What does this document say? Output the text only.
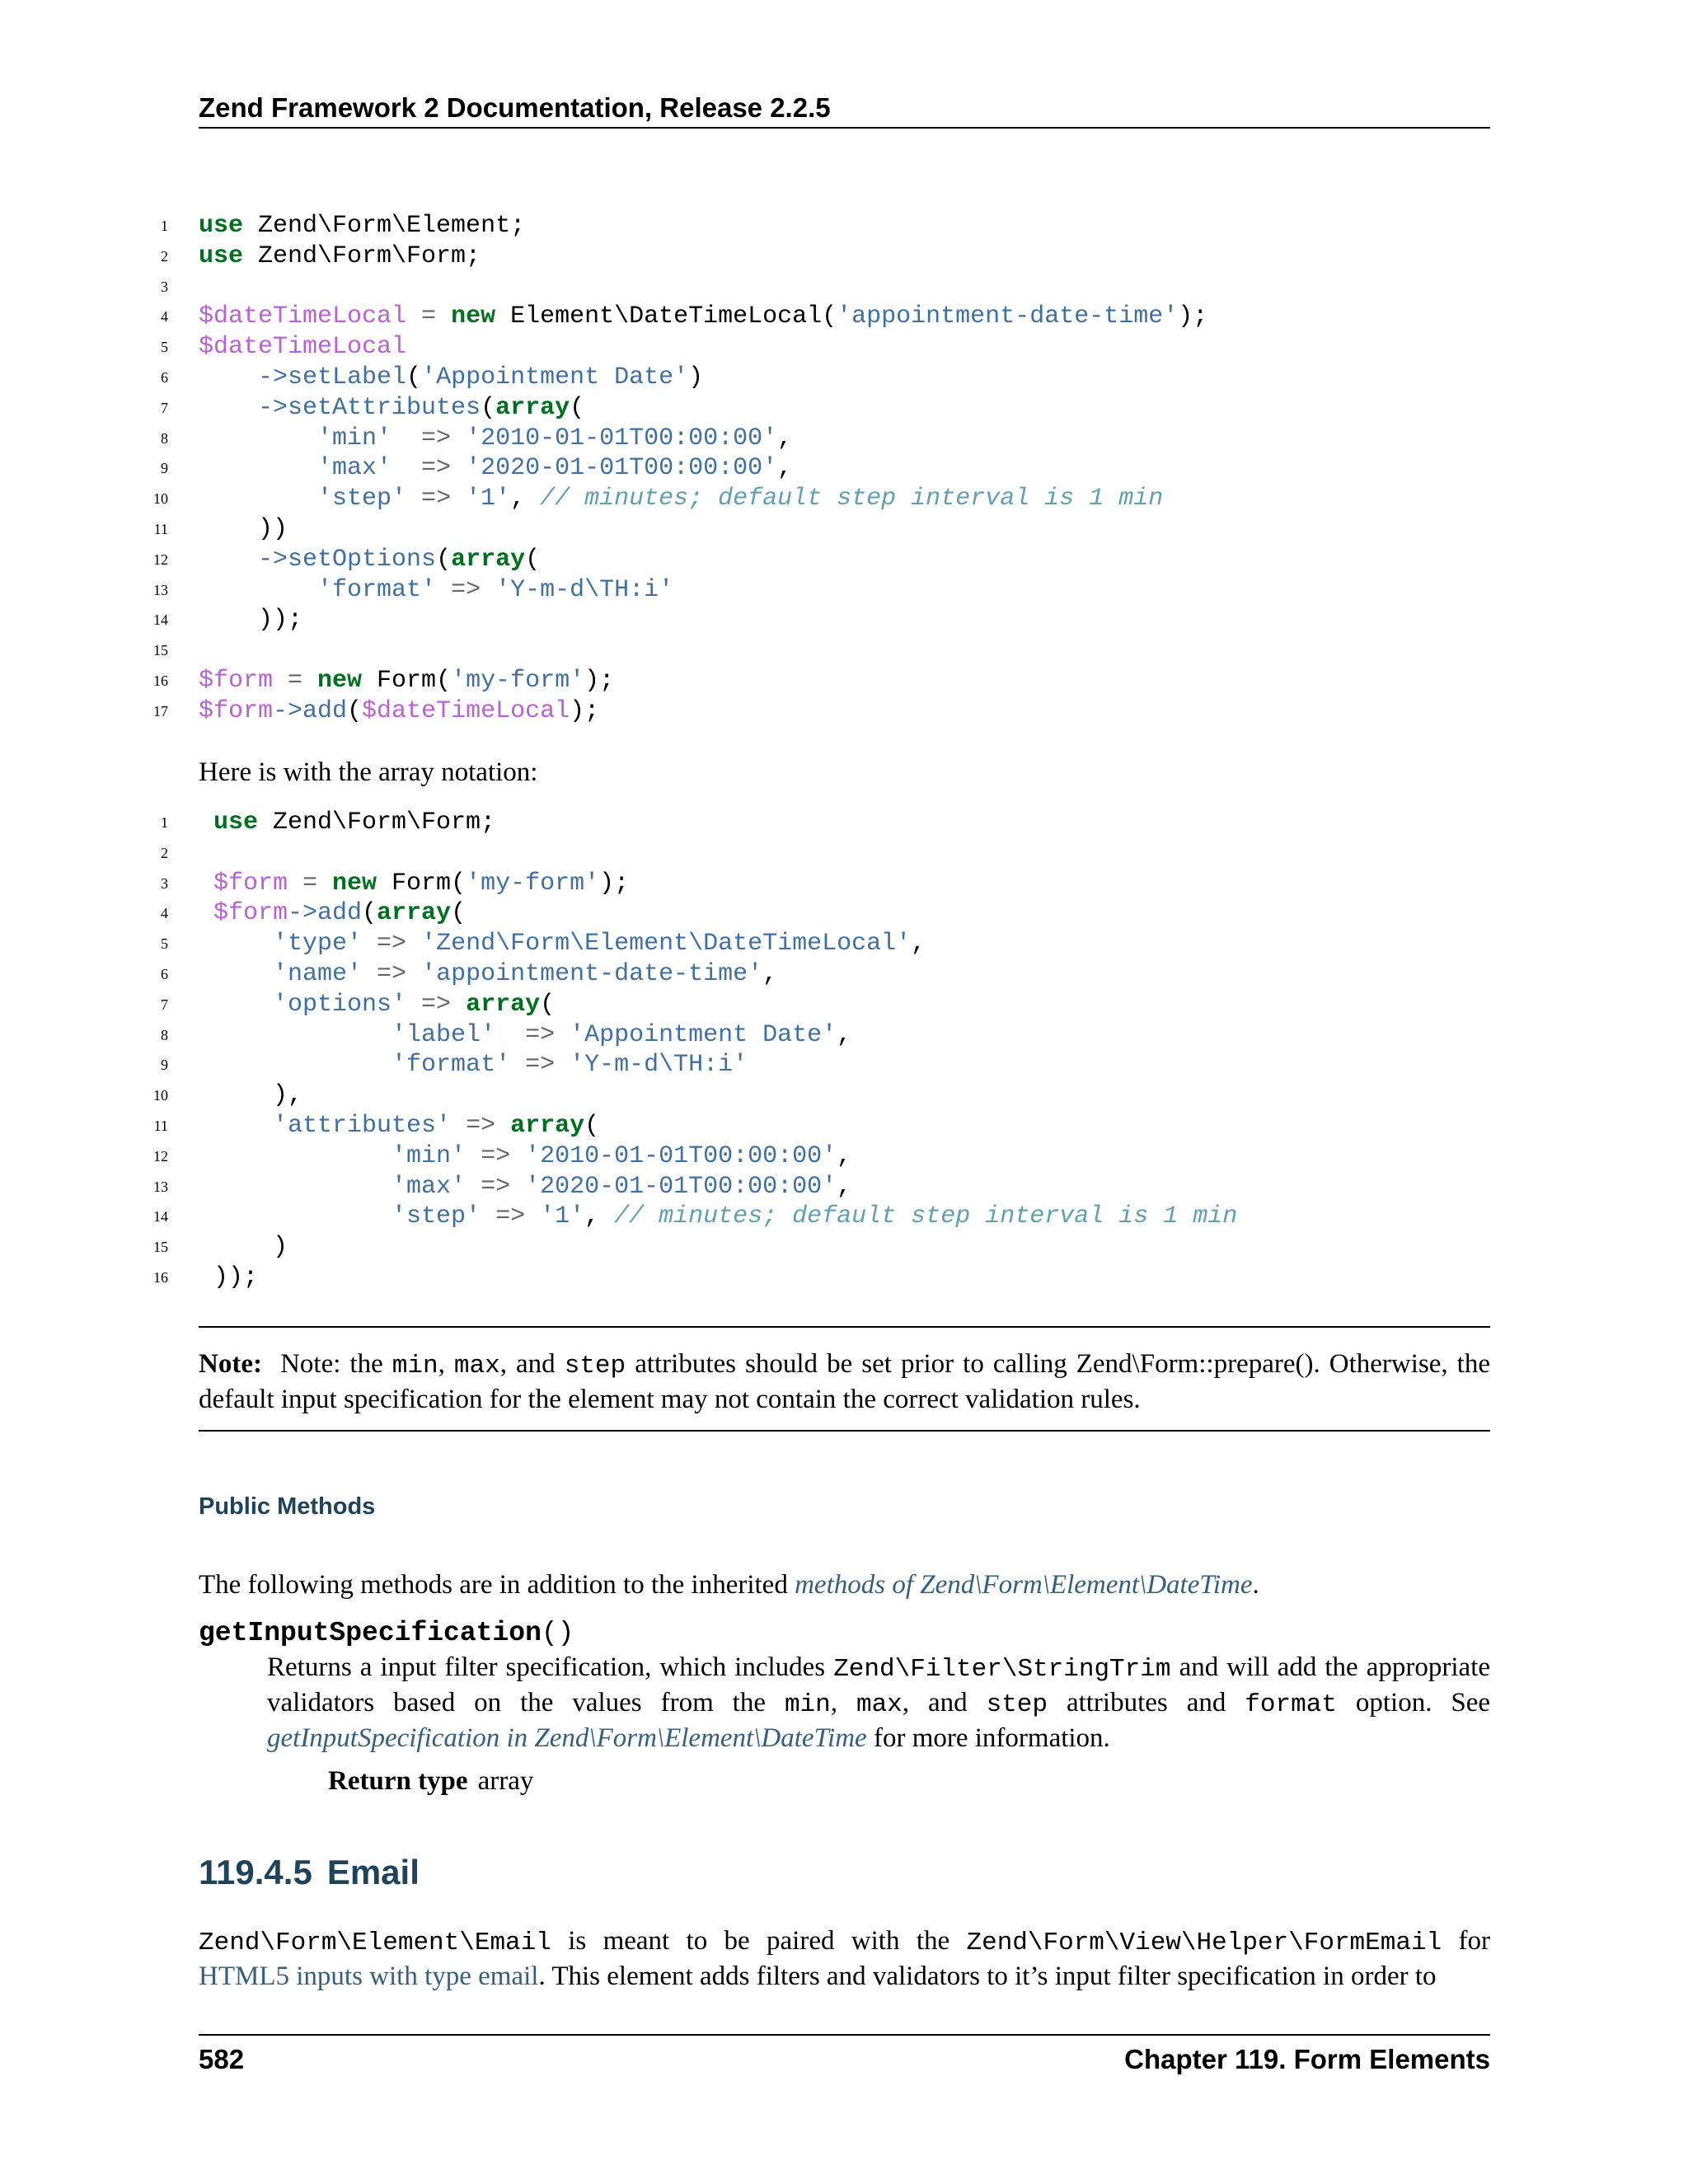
Zend Framework 2 Documentation, Release 2.2.5
1 use Zend\Form\Element;
2 use Zend\Form\Form;
3
4 $dateTimeLocal = new Element\DateTimeLocal('appointment-date-time');
5 $dateTimeLocal
6	->setLabel('Appointment Date')
7	->setAttributes(array(
8	'min'  => '2010-01-01T00:00:00',
9	'max'  => '2020-01-01T00:00:00',
10	'step' => '1', // minutes; default step interval is 1 min
11 ))
12	->setOptions(array(
13	'format' => 'Y-m-d\TH:i'
14 ));
15
16 $form = new Form('my-form');
17 $form->add($dateTimeLocal);
Here is with the array notation:
1 use Zend\Form\Form;
2
3 $form = new Form('my-form');
4 $form->add(array(
5	'type' => 'Zend\Form\Element\DateTimeLocal',
6	'name' => 'appointment-date-time',
7	'options' => array(
8	'label'  => 'Appointment Date',
9	'format' => 'Y-m-d\TH:i'
10 ),
11	'attributes' => array(
12	'min' => '2010-01-01T00:00:00',
13	'max' => '2020-01-01T00:00:00',
14	'step' => '1', // minutes; default step interval is 1 min
15 )
16 ));
Note: Note: the min, max, and step attributes should be set prior to calling Zend\Form::prepare(). Otherwise, the default input specification for the element may not contain the correct validation rules.
Public Methods
The following methods are in addition to the inherited methods of Zend\Form\Element\DateTime.
getInputSpecification()
Returns a input filter specification, which includes Zend\Filter\StringTrim and will add the appropriate validators based on the values from the min, max, and step attributes and format option. See getInputSpecification in Zend\Form\Element\DateTime for more information.
Return type array
119.4.5 Email
Zend\Form\Element\Email is meant to be paired with the Zend\Form\View\Helper\FormEmail for HTML5 inputs with type email. This element adds filters and validators to it’s input filter specification in order to
582	Chapter 119. Form Elements
